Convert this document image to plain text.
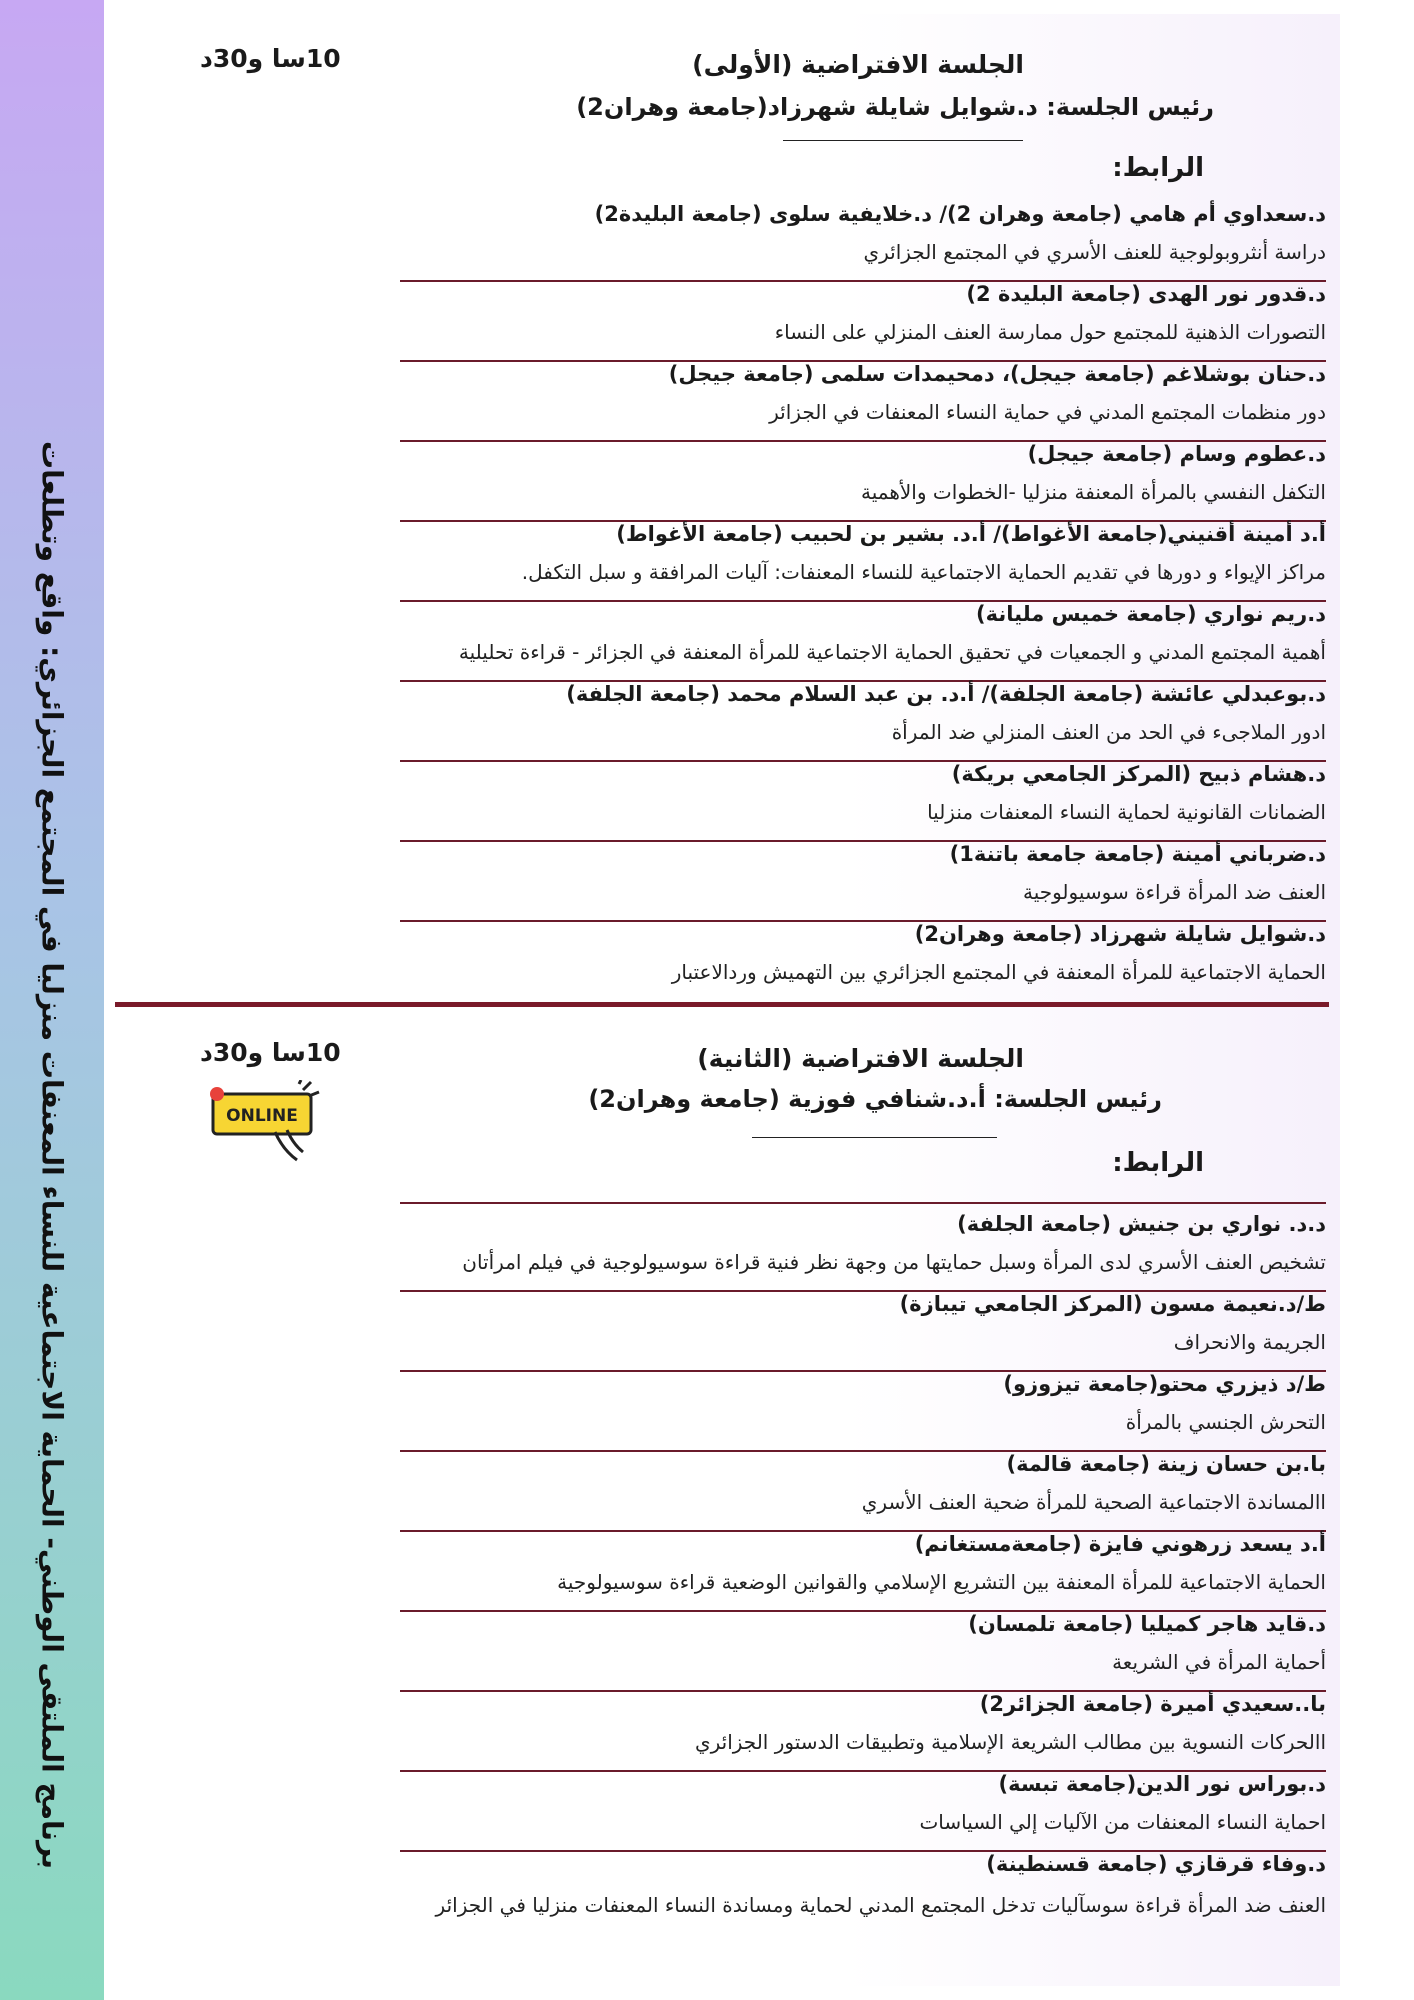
برنامج الملتقى الوطني- الحماية الاجتماعية للنساء المعنفات منزليا في المجتمع الجزائري: واقع وتطلعات
10سا و30د	الجلسة الافتراضية (الأولى)
رئيس الجلسة: د.شوايل شايلة شهرزاد(جامعة وهران2)
الرابط:
د.سعداوي أم هامي (جامعة وهران 2)/ د.خلايفية سلوى (جامعة البليدة2)
دراسة أنثروبولوجية للعنف الأسري في المجتمع الجزائري
د.قدور نور الهدى (جامعة البليدة 2)
التصورات الذهنية للمجتمع حول ممارسة العنف المنزلي على النساء
د.حنان بوشلاغم (جامعة جيجل)، دمحيمدات سلمى (جامعة جيجل)
دور منظمات المجتمع المدني في حماية النساء المعنفات في الجزائر
د.عطوم وسام (جامعة جيجل)
التكفل النفسي بالمرأة المعنفة منزليا -الخطوات والأهمية
أ.د أمينة أقنيني(جامعة الأغواط)/ أ.د. بشير بن لحبيب (جامعة الأغواط)
مراكز الإيواء و دورها في تقديم الحماية الاجتماعية للنساء المعنفات: آليات المرافقة و سبل التكفل.
د.ريم نواري (جامعة خميس مليانة)
أهمية المجتمع المدني و الجمعيات في تحقيق الحماية الاجتماعية للمرأة المعنفة في الجزائر - قراءة تحليلية
د.بوعبدلي عائشة (جامعة الجلفة)/ أ.د. بن عبد السلام محمد (جامعة الجلفة)
ادور الملاجىء في الحد من العنف المنزلي ضد المرأة
د.هشام ذبيح (المركز الجامعي بريكة)
الضمانات القانونية لحماية النساء المعنفات منزليا
د.ضرباني أمينة (جامعة جامعة باتنة1)
العنف ضد المرأة قراءة سوسيولوجية
د.شوايل شايلة شهرزاد (جامعة وهران2)
الحماية الاجتماعية للمرأة المعنفة في المجتمع الجزائري بين التهميش وردالاعتبار
10سا و30د
ONLINE
الجلسة الافتراضية (الثانية)
رئيس الجلسة: أ.د.شنافي فوزية (جامعة وهران2)
الرابط:
د.د. نواري بن جنيش (جامعة الجلفة)
تشخيص العنف الأسري لدى المرأة وسبل حمايتها من وجهة نظر فنية قراءة سوسيولوجية في فيلم امرأتان
ط/د.نعيمة مسون (المركز الجامعي تيبازة)
الجريمة والانحراف
ط/د ذيزري محتو(جامعة تيزوزو)
التحرش الجنسي بالمرأة
با.بن حسان زينة (جامعة قالمة)
االمساندة الاجتماعية الصحية للمرأة ضحية العنف الأسري
أ.د يسعد زرهوني فايزة (جامعةمستغانم)
الحماية الاجتماعية للمرأة المعنفة بين التشريع الإسلامي والقوانين الوضعية قراءة سوسيولوجية
د.قايد هاجر كميليا (جامعة تلمسان)
أحماية المرأة في الشريعة
با..سعيدي أميرة (جامعة الجزائر2)
االحركات النسوية بين مطالب الشريعة الإسلامية وتطبيقات الدستور الجزائري
د.بوراس نور الدين(جامعة تبسة)
احماية النساء المعنفات من الآليات إلي السياسات
د.وفاء قرقازي (جامعة قسنطينة)
العنف ضد المرأة قراءة سوسآليات تدخل المجتمع المدني لحماية ومساندة النساء المعنفات منزليا في الجزائر
